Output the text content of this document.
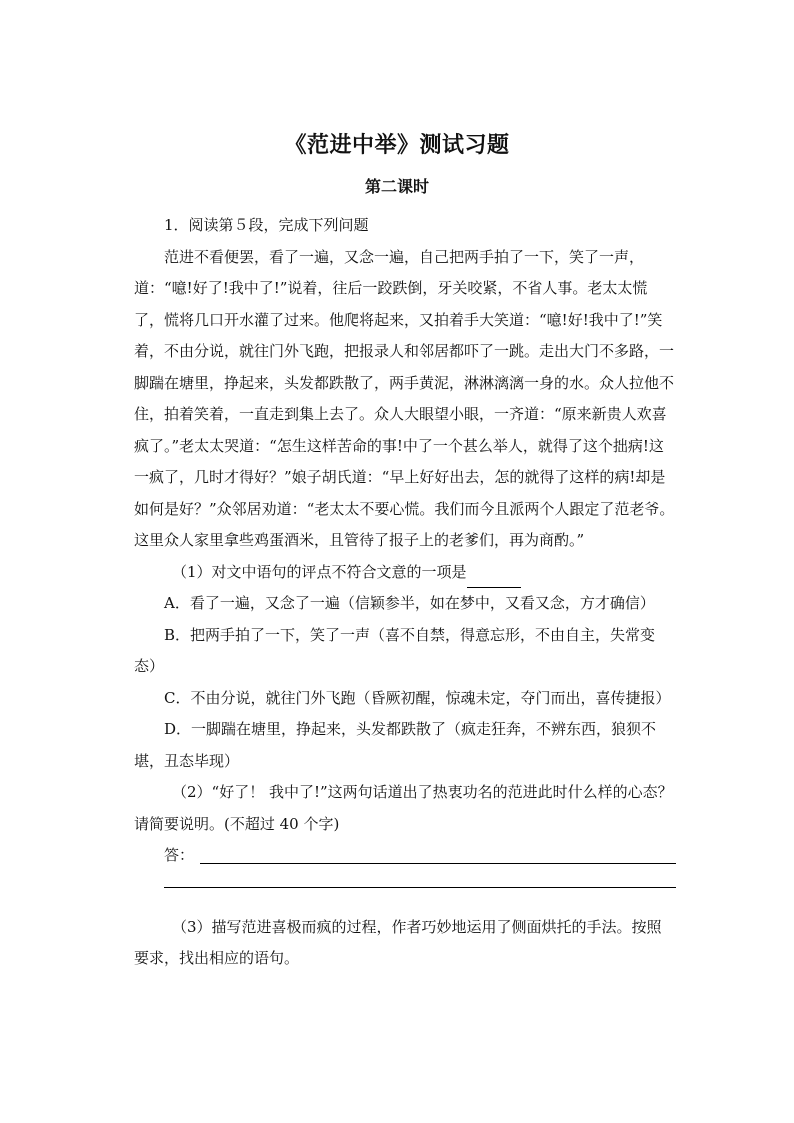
《范进中举》测试习题
第二课时

1．阅读第５段，完成下列问题

范进不看便罢，看了一遍，又念一遍，自己把两手拍了一下，笑了一声，道：“噫!好了!我中了!”说着，往后一跤跌倒，牙关咬紧，不省人事。老太太慌了，慌将几口开水灌了过来。他爬将起来，又拍着手大笑道：“噫!好!我中了!”笑着，不由分说，就往门外飞跑，把报录人和邻居都吓了一跳。走出大门不多路，一脚踹在塘里，挣起来，头发都跌散了，两手黄泥，淋淋漓漓一身的水。众人拉他不住，拍着笑着，一直走到集上去了。众人大眼望小眼，一齐道：“原来新贵人欢喜疯了。”老太太哭道：“怎生这样苦命的事!中了一个甚么举人，就得了这个拙病!这一疯了，几时才得好？”娘子胡氏道：“早上好好出去，怎的就得了这样的病!却是如何是好？”众邻居劝道：“老太太不要心慌。我们而今且派两个人跟定了范老爷。这里众人家里拿些鸡蛋酒米，且管待了报子上的老爹们，再为商酌。”

（1）对文中语句的评点不符合文意的一项是

A．看了一遍，又念了一遍（信颖参半，如在梦中，又看又念，方才确信）

B．把两手拍了一下，笑了一声（喜不自禁，得意忘形，不由自主，失常变态）

C．不由分说，就往门外飞跑（昏厥初醒，惊魂未定，夺门而出，喜传捷报）

D．一脚踹在塘里，挣起来，头发都跌散了（疯走狂奔，不辨东西，狼狈不堪，丑态毕现）

（2）“好了！ 我中了!”这两句话道出了热衷功名的范进此时什么样的心态？请简要说明。(不超过 40 个字)

答：

（3）描写范进喜极而疯的过程，作者巧妙地运用了侧面烘托的手法。按照要求，找出相应的语句。
